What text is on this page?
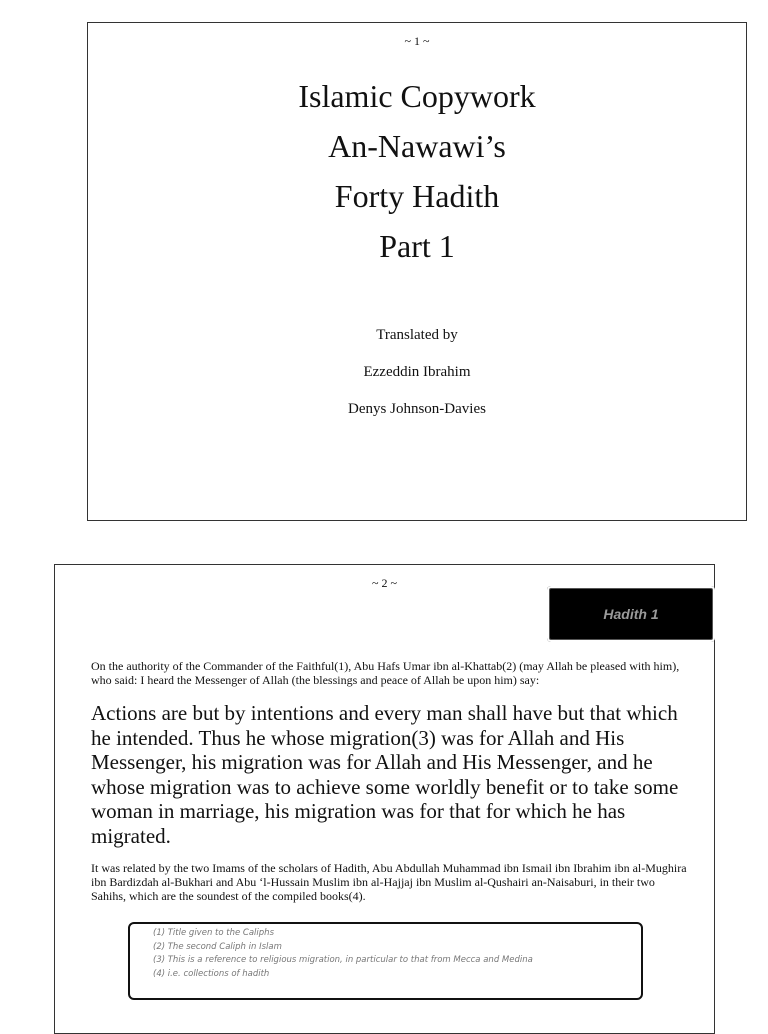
~ 1 ~
Islamic Copywork
An-Nawawi’s
Forty Hadith
Part 1
Translated by
Ezzeddin Ibrahim
Denys Johnson-Davies
~ 2 ~
Hadith 1
On the authority of the Commander of the Faithful(1), Abu Hafs Umar ibn al-Khattab(2) (may Allah be pleased with him), who said: I heard the Messenger of Allah (the blessings and peace of Allah be upon him) say:
Actions are but by intentions and every man shall have but that which he intended. Thus he whose migration(3) was for Allah and His Messenger, his migration was for Allah and His Messenger, and he whose migration was to achieve some worldly benefit or to take some woman in marriage, his migration was for that for which he has migrated.
It was related by the two Imams of the scholars of Hadith, Abu Abdullah Muhammad ibn Ismail ibn Ibrahim ibn al-Mughira ibn Bardizdah al-Bukhari and Abu ‘l-Hussain Muslim ibn al-Hajjaj ibn Muslim al-Qushairi an-Naisaburi, in their two Sahihs, which are the soundest of the compiled books(4).
(1) Title given to the Caliphs
(2) The second Caliph in Islam
(3) This is a reference to religious migration, in particular to that from Mecca and Medina
(4) i.e. collections of hadith
